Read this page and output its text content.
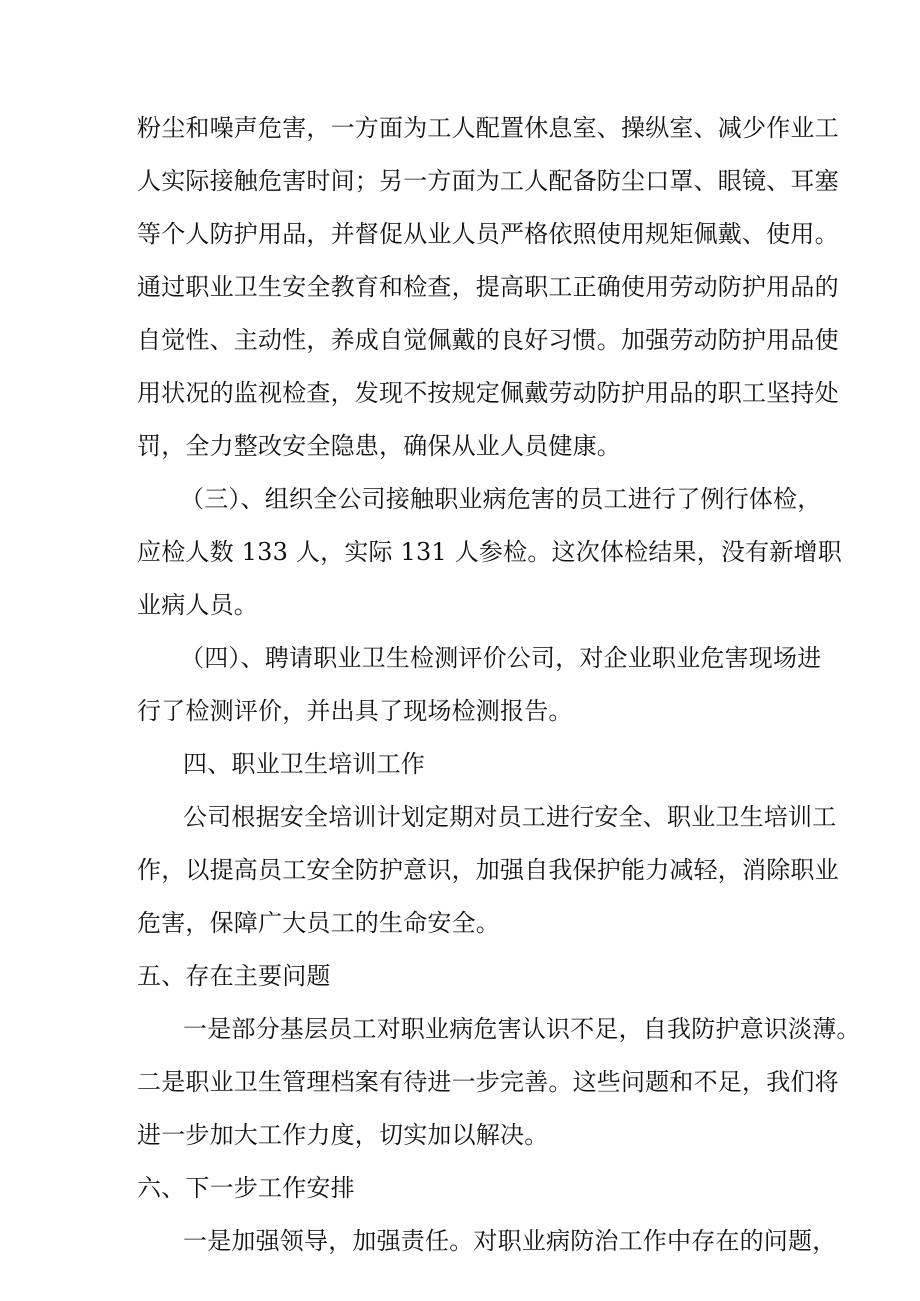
粉尘和噪声危害，一方面为工人配置休息室、操纵室、减少作业工
人实际接触危害时间；另一方面为工人配备防尘口罩、眼镜、耳塞
等个人防护用品，并督促从业人员严格依照使用规矩佩戴、使用。
通过职业卫生安全教育和检查，提高职工正确使用劳动防护用品的
自觉性、主动性，养成自觉佩戴的良好习惯。加强劳动防护用品使
用状况的监视检查，发现不按规定佩戴劳动防护用品的职工坚持处
罚，全力整改安全隐患，确保从业人员健康。
（三）、组织全公司接触职业病危害的员工进行了例行体检，
应检人数 133 人，实际 131 人参检。这次体检结果，没有新增职
业病人员。
（四）、聘请职业卫生检测评价公司，对企业职业危害现场进
行了检测评价，并出具了现场检测报告。
四、职业卫生培训工作
公司根据安全培训计划定期对员工进行安全、职业卫生培训工
作，以提高员工安全防护意识，加强自我保护能力减轻，消除职业
危害，保障广大员工的生命安全。
五、存在主要问题
一是部分基层员工对职业病危害认识不足，自我防护意识淡薄。
二是职业卫生管理档案有待进一步完善。这些问题和不足，我们将
进一步加大工作力度，切实加以解决。
六、下一步工作安排
一是加强领导，加强责任。对职业病防治工作中存在的问题，
